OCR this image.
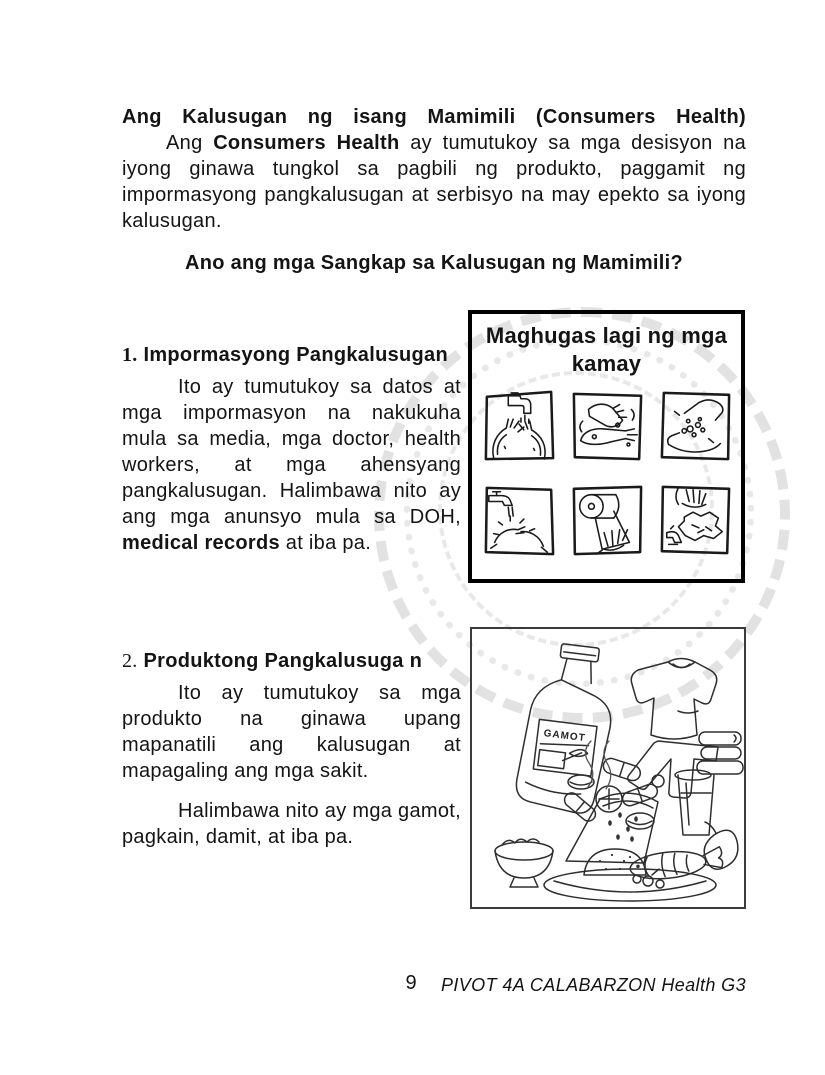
Ang Kalusugan ng isang Mamimili (Consumers Health)

Ang Consumers Health ay tumutukoy sa mga desisyon na iyong ginawa tungkol sa pagbili ng produkto, paggamit ng impormasyong pangkalusugan at serbisyo na may epekto sa iyong kalusugan.

Ano ang mga Sangkap sa Kalusugan ng Mamimili?
1. Impormasyong Pangkalusugan

Ito ay tumutukoy sa datos at mga impormasyon na nakukuha mula sa media, mga doctor, health workers, at mga ahensyang pangkalusugan. Halimbawa nito ay ang mga anunsyo mula sa DOH, medical records at iba pa.

Maghugas lagi ng mga kamay
2. Produktong Pangkalusuga n

Ito ay tumutukoy sa mga produkto na ginawa upang mapanatili ang kalusugan at mapagaling ang mga sakit.

Halimbawa nito ay mga gamot, pagkain, damit, at iba pa.

GAMOT
9	PIVOT 4A CALABARZON Health G3
